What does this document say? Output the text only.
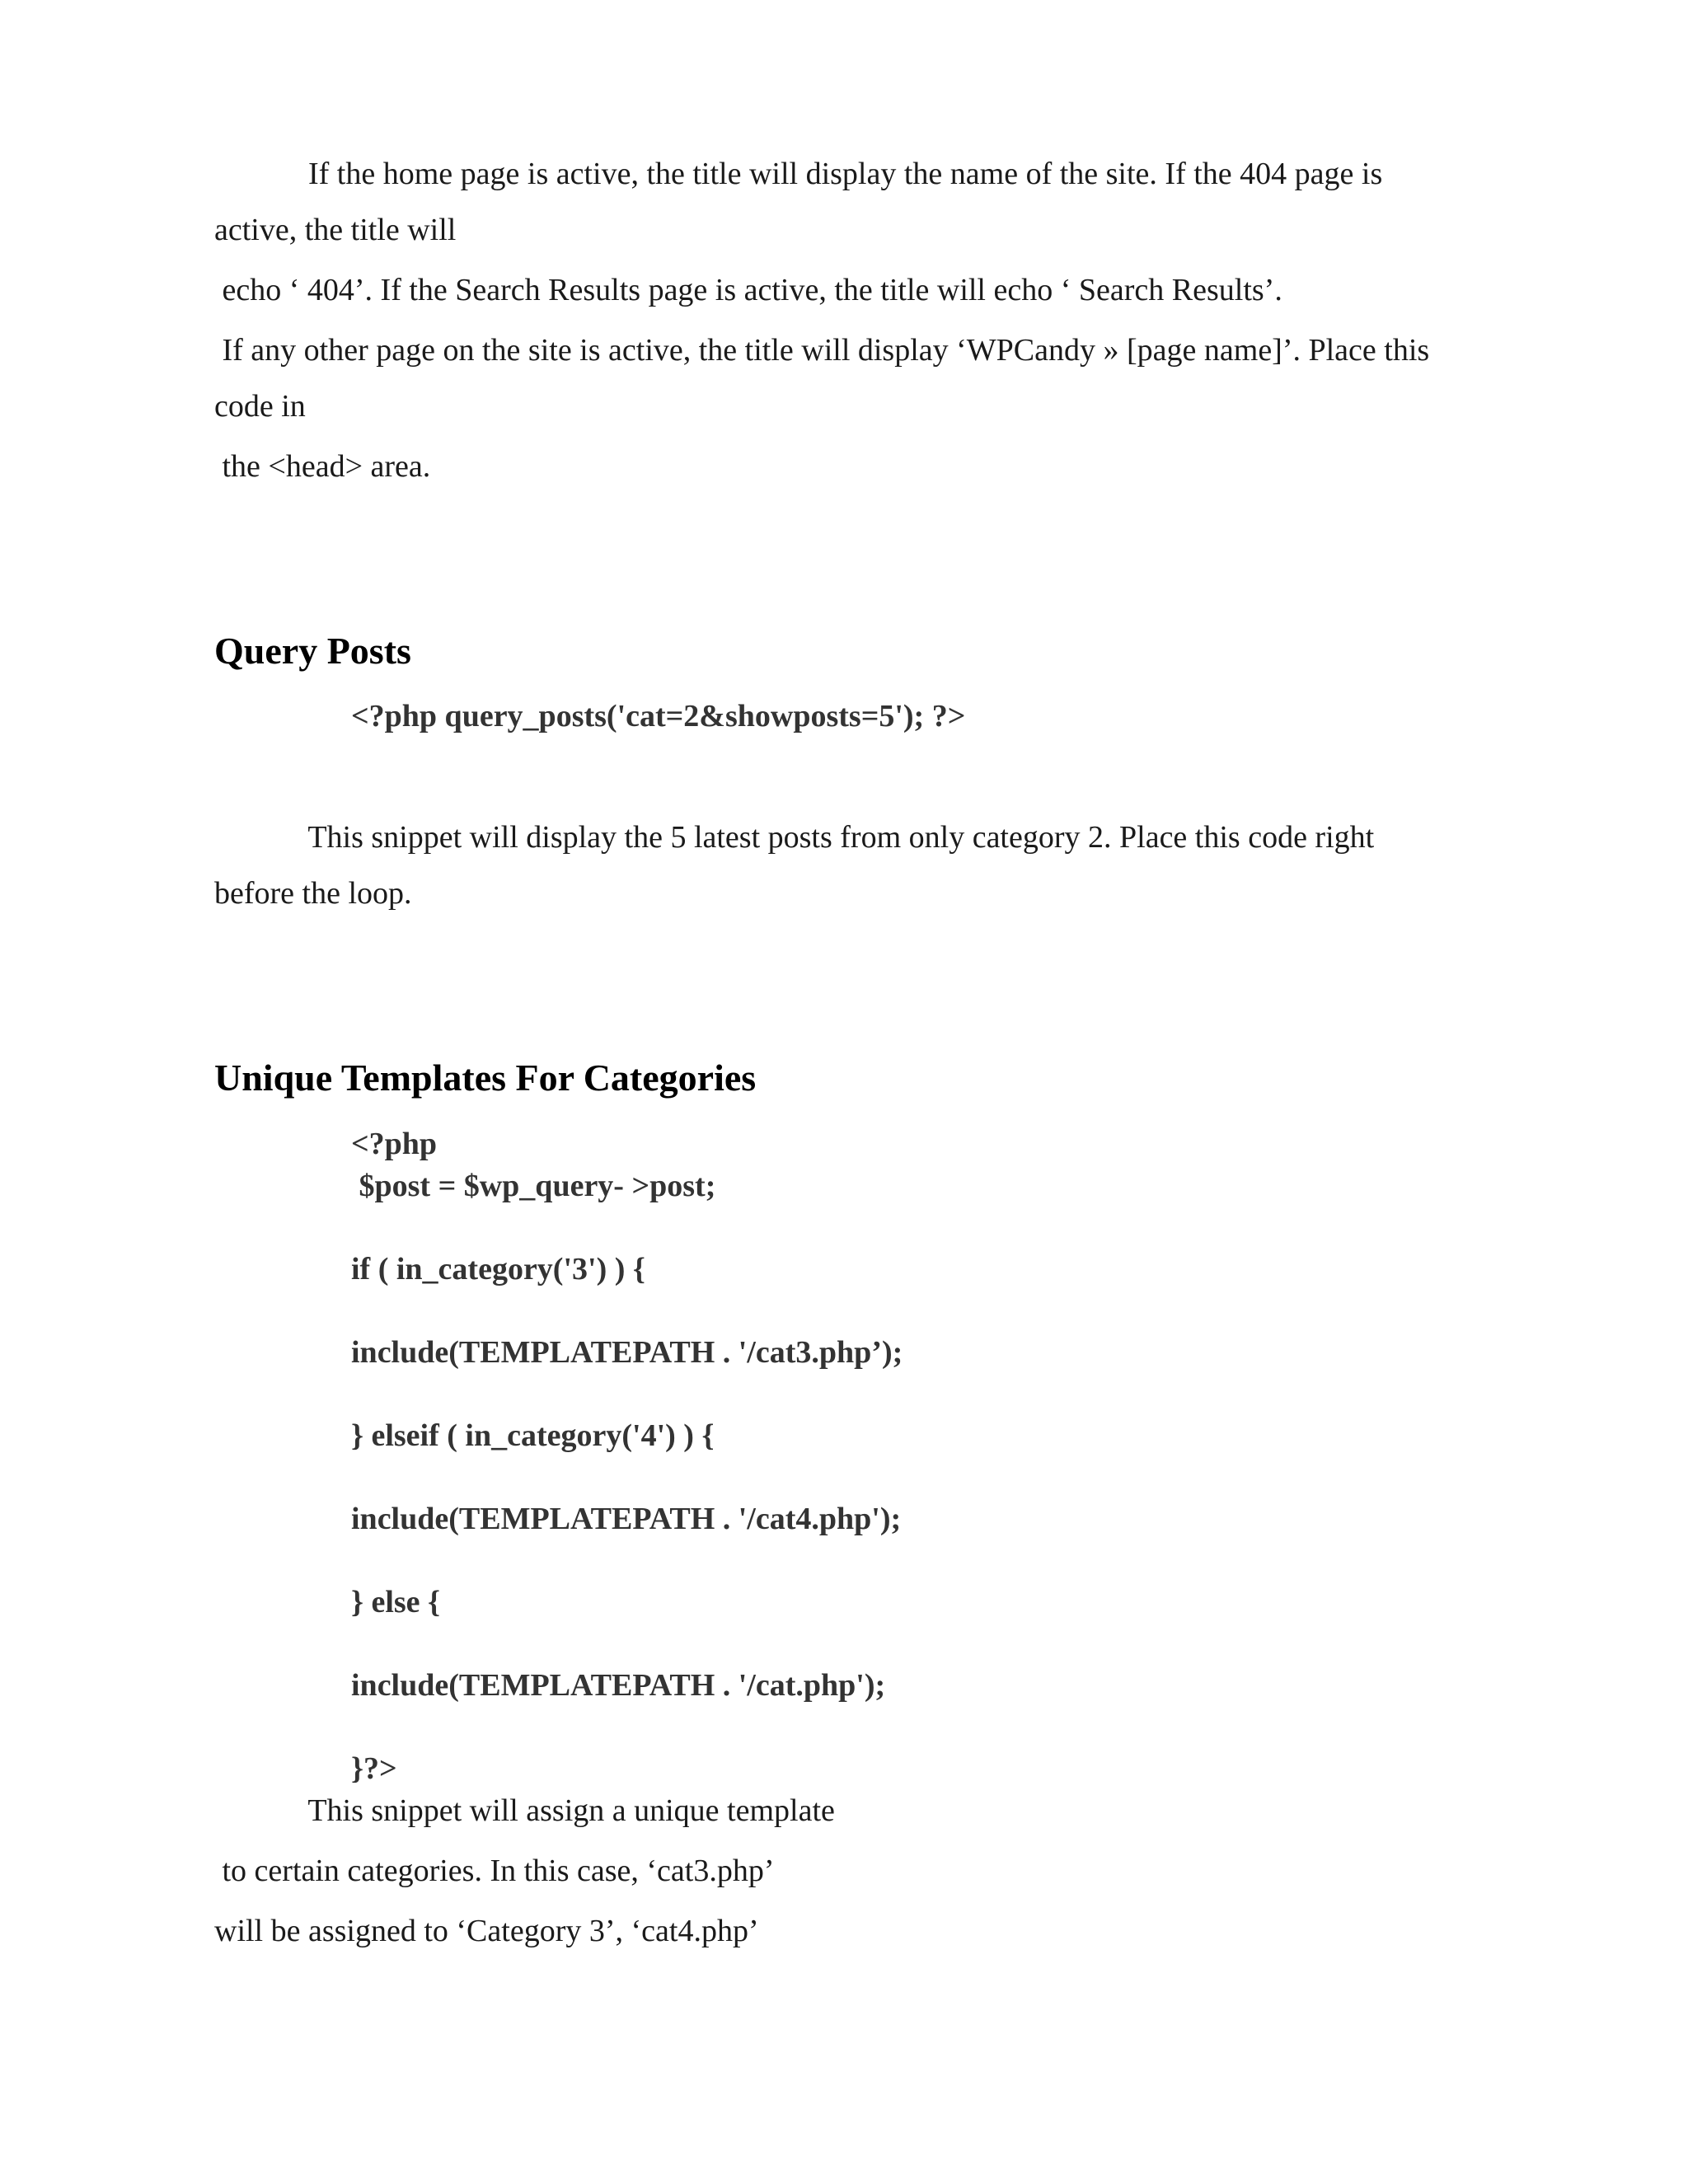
If the home page is active, the title will display the name of the site. If the 404 page is
active, the title will
echo ‘ 404’. If the Search Results page is active, the title will echo ‘ Search Results’.
If any other page on the site is active, the title will display ‘WPCandy » [page name]’. Place this
code in
the <head> area.
Query Posts
<?php query_posts('cat=2&showposts=5'); ?>
This snippet will display the 5 latest posts from only category 2. Place this code right
before the loop.
Unique Templates For Categories
<?php
$post = $wp_query- >post;
if ( in_category('3') ) {
include(TEMPLATEPATH . '/cat3.php’);
} elseif ( in_category('4') ) {
include(TEMPLATEPATH . '/cat4.php');
} else {
include(TEMPLATEPATH . '/cat.php');
}?>
This snippet will assign a unique template
to certain categories. In this case, ‘cat3.php’
will be assigned to ‘Category 3’, ‘cat4.php’
